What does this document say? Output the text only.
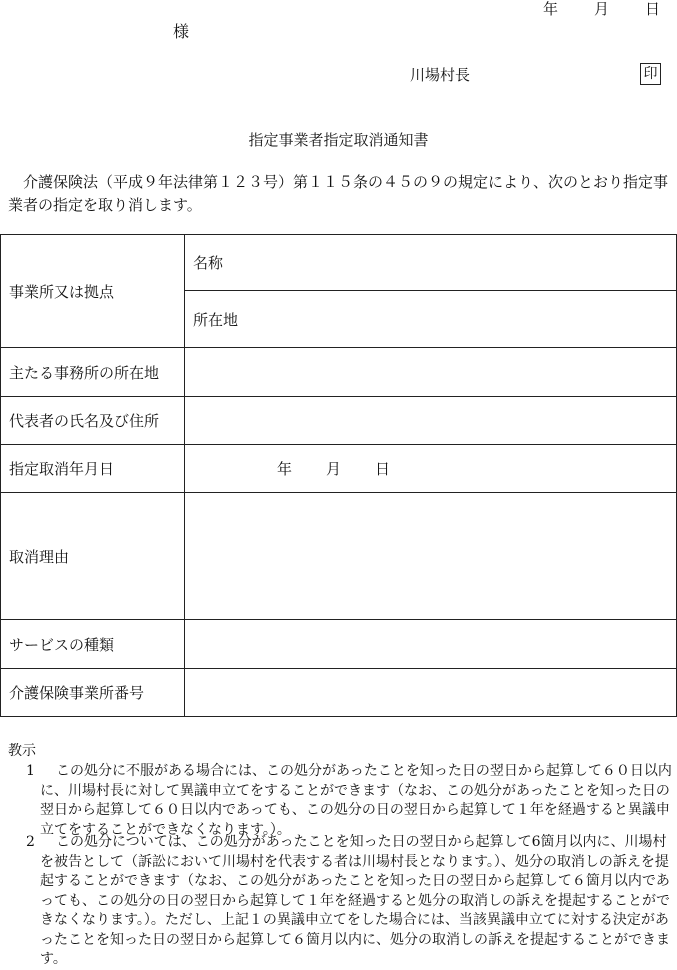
年 月 日
様
川場村長	印
指定事業者指定取消通知書
介護保険法（平成９年法律第１２３号）第１１５条の４５の９の規定により、次のとおり指定事業者の指定を取り消します。
事業所又は拠点	名称
	所在地
主たる事務所の所在地	
代表者の氏名及び住所	
指定取消年月日	年 月 日
取消理由	
サービスの種類	
介護保険事業所番号	
教示
1	この処分に不服がある場合には、この処分があったことを知った日の翌日から起算して６０日以内に、川場村長に対して異議申立てをすることができます（なお、この処分があったことを知った日の翌日から起算して６０日以内であっても、この処分の日の翌日から起算して１年を経過すると異議申立てをすることができなくなります。）。
2	この処分については、この処分があったことを知った日の翌日から起算して6箇月以内に、川場村を被告として（訴訟において川場村を代表する者は川場村長となります。）、処分の取消しの訴えを提起することができます（なお、この処分があったことを知った日の翌日から起算して６箇月以内であっても、この処分の日の翌日から起算して１年を経過すると処分の取消しの訴えを提起することができなくなります。）。ただし、上記１の異議申立てをした場合には、当該異議申立てに対する決定があったことを知った日の翌日から起算して６箇月以内に、処分の取消しの訴えを提起することができます。
